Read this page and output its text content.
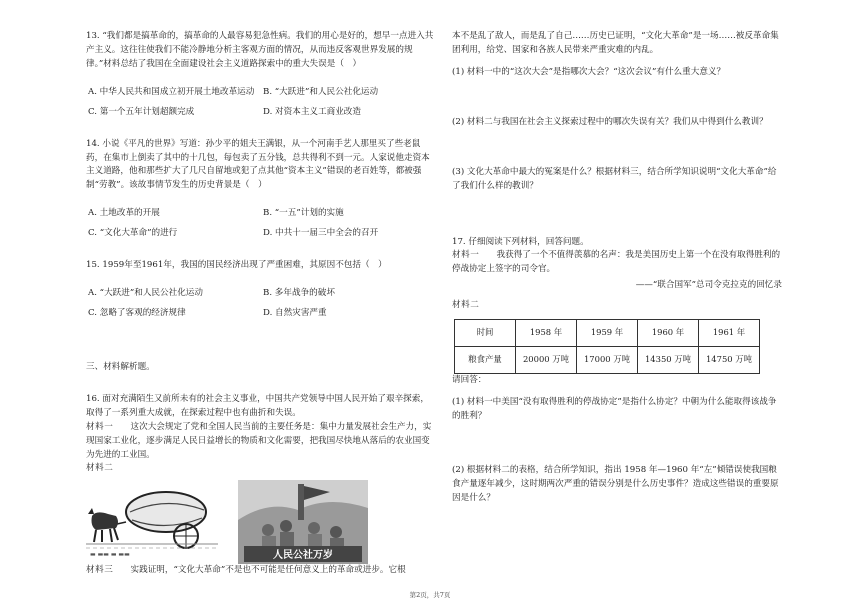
13. “我们都是搞革命的，搞革命的人最容易犯急性病。我们的用心是好的，想早一点进入共产主义。这往往使我们不能冷静地分析主客观方面的情况，从而违反客观世界发展的规律。”材料总结了我国在全面建设社会主义道路探索中的重大失误是（　）

A. 中华人民共和国成立初开展土地改革运动	B. “大跃进”和人民公社化运动
C. 第一个五年计划超额完成	D. 对资本主义工商业改造

14. 小说《平凡的世界》写道：孙少平的姐夫王满银，从一个河南手艺人那里买了些老鼠药，在集市上倒卖了其中的十几包，每包卖了五分钱，总共得利不到一元。人家说他走资本主义道路，他和那些扩大了几尺自留地或犯了点其他“资本主义”错误的老百姓等，都被强制“劳教”。该故事情节发生的历史背景是（　）

A. 土地改革的开展	B. “一五”计划的实施
C. “文化大革命”的进行	D. 中共十一届三中全会的召开

15. 1959年至1961年，我国的国民经济出现了严重困难，其原因不包括（　）

A. “大跃进”和人民公社化运动	B. 多年战争的破坏
C. 忽略了客观的经济规律	D. 自然灾害严重

三、材料解析题。

16. 面对充满陌生又前所未有的社会主义事业，中国共产党领导中国人民开始了艰辛探索，取得了一系列重大成就，在探索过程中也有曲折和失误。

材料一　　 这次大会规定了党和全国人民当前的主要任务是：集中力量发展社会生产力，实现国家工业化，逐步满足人民日益增长的物质和文化需要，把我国尽快地从落后的农业国变为先进的工业国。

材料二

▬ ▬▬ ▬ ▬▬	人民公社万岁

材料三　　 实践证明，“文化大革命”不是也不可能是任何意义上的革命或进步。它根

本不是乱了敌人，而是乱了自己……历史已证明，“文化大革命”是一场……被反革命集团利用，给党、国家和各族人民带来严重灾难的内乱。

(1) 材料一中的“这次大会”是指哪次大会？“这次会议”有什么重大意义？

(2) 材料二与我国在社会主义探索过程中的哪次失误有关？我们从中得到什么教训？

(3) 文化大革命中最大的冤案是什么？根据材料三，结合所学知识说明“文化大革命”给了我们什么样的教训？

17. 仔细阅读下列材料，回答问题。

材料一　　 我获得了一个不值得羡慕的名声：我是美国历史上第一个在没有取得胜利的停战协定上签字的司令官。

——“联合国军”总司令克拉克的回忆录

材料二

时间	1958 年	1959 年	1960 年	1961 年
粮食产量	20000 万吨	17000 万吨	14350 万吨	14750 万吨

请回答：

(1) 材料一中美国“没有取得胜利的停战协定”是指什么协定？中朝为什么能取得该战争的胜利？

(2) 根据材料二的表格，结合所学知识，指出 1958 年—1960 年“左”倾错误使我国粮食产量逐年减少，这时期两次严重的错误分别是什么历史事件？造成这些错误的重要原因是什么？

第2页，共7页
